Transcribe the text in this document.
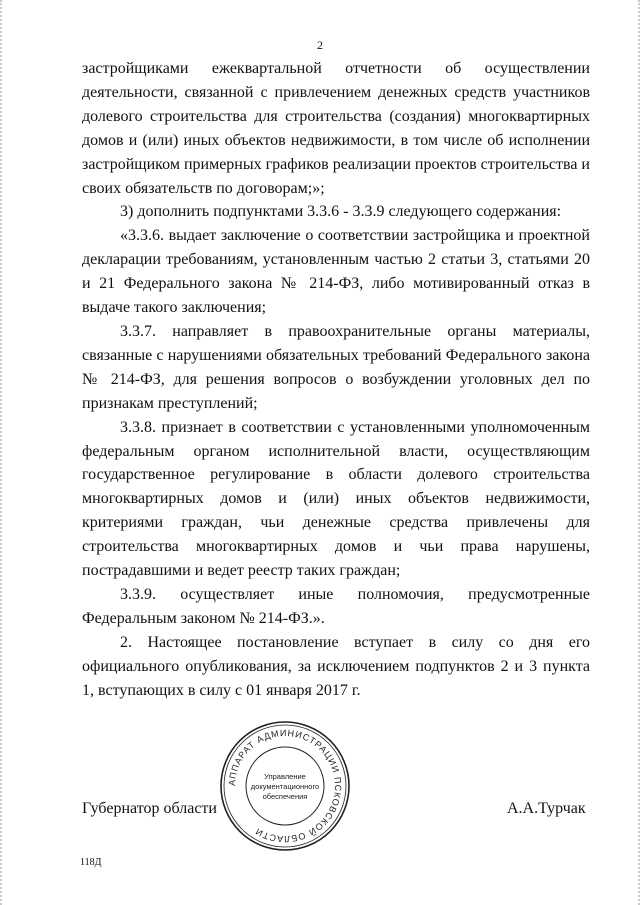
2

застройщиками ежеквартальной отчетности об осуществлении деятельности, связанной с привлечением денежных средств участников долевого строительства для строительства (создания) многоквартирных домов и (или) иных объектов недвижимости, в том числе об исполнении застройщиком примерных графиков реализации проектов строительства и своих обязательств по договорам;»;

3) дополнить подпунктами 3.3.6 - 3.3.9 следующего содержания:

«3.3.6. выдает заключение о соответствии застройщика и проектной декларации требованиям, установленным частью 2 статьи 3, статьями 20 и 21 Федерального закона № 214-ФЗ, либо мотивированный отказ в выдаче такого заключения;

3.3.7. направляет в правоохранительные органы материалы, связанные с нарушениями обязательных требований Федерального закона № 214-ФЗ, для решения вопросов о возбуждении уголовных дел по признакам преступлений;

3.3.8. признает в соответствии с установленными уполномоченным федеральным органом исполнительной власти, осуществляющим государственное регулирование в области долевого строительства многоквартирных домов и (или) иных объектов недвижимости, критериями граждан, чьи денежные средства привлечены для строительства многоквартирных домов и чьи права нарушены, пострадавшими и ведет реестр таких граждан;

3.3.9. осуществляет иные полномочия, предусмотренные Федеральным законом № 214-ФЗ.».

2. Настоящее постановление вступает в силу со дня его официального опубликования, за исключением подпунктов 2 и 3 пункта 1, вступающих в силу с 01 января 2017 г.

Губернатор области	А.А.Турчак
АППАРАТ АДМИНИСТРАЦИИ ПСКОВСКОЙ ОБЛАСТИ
Управление
документационного
обеспечения
118Д
